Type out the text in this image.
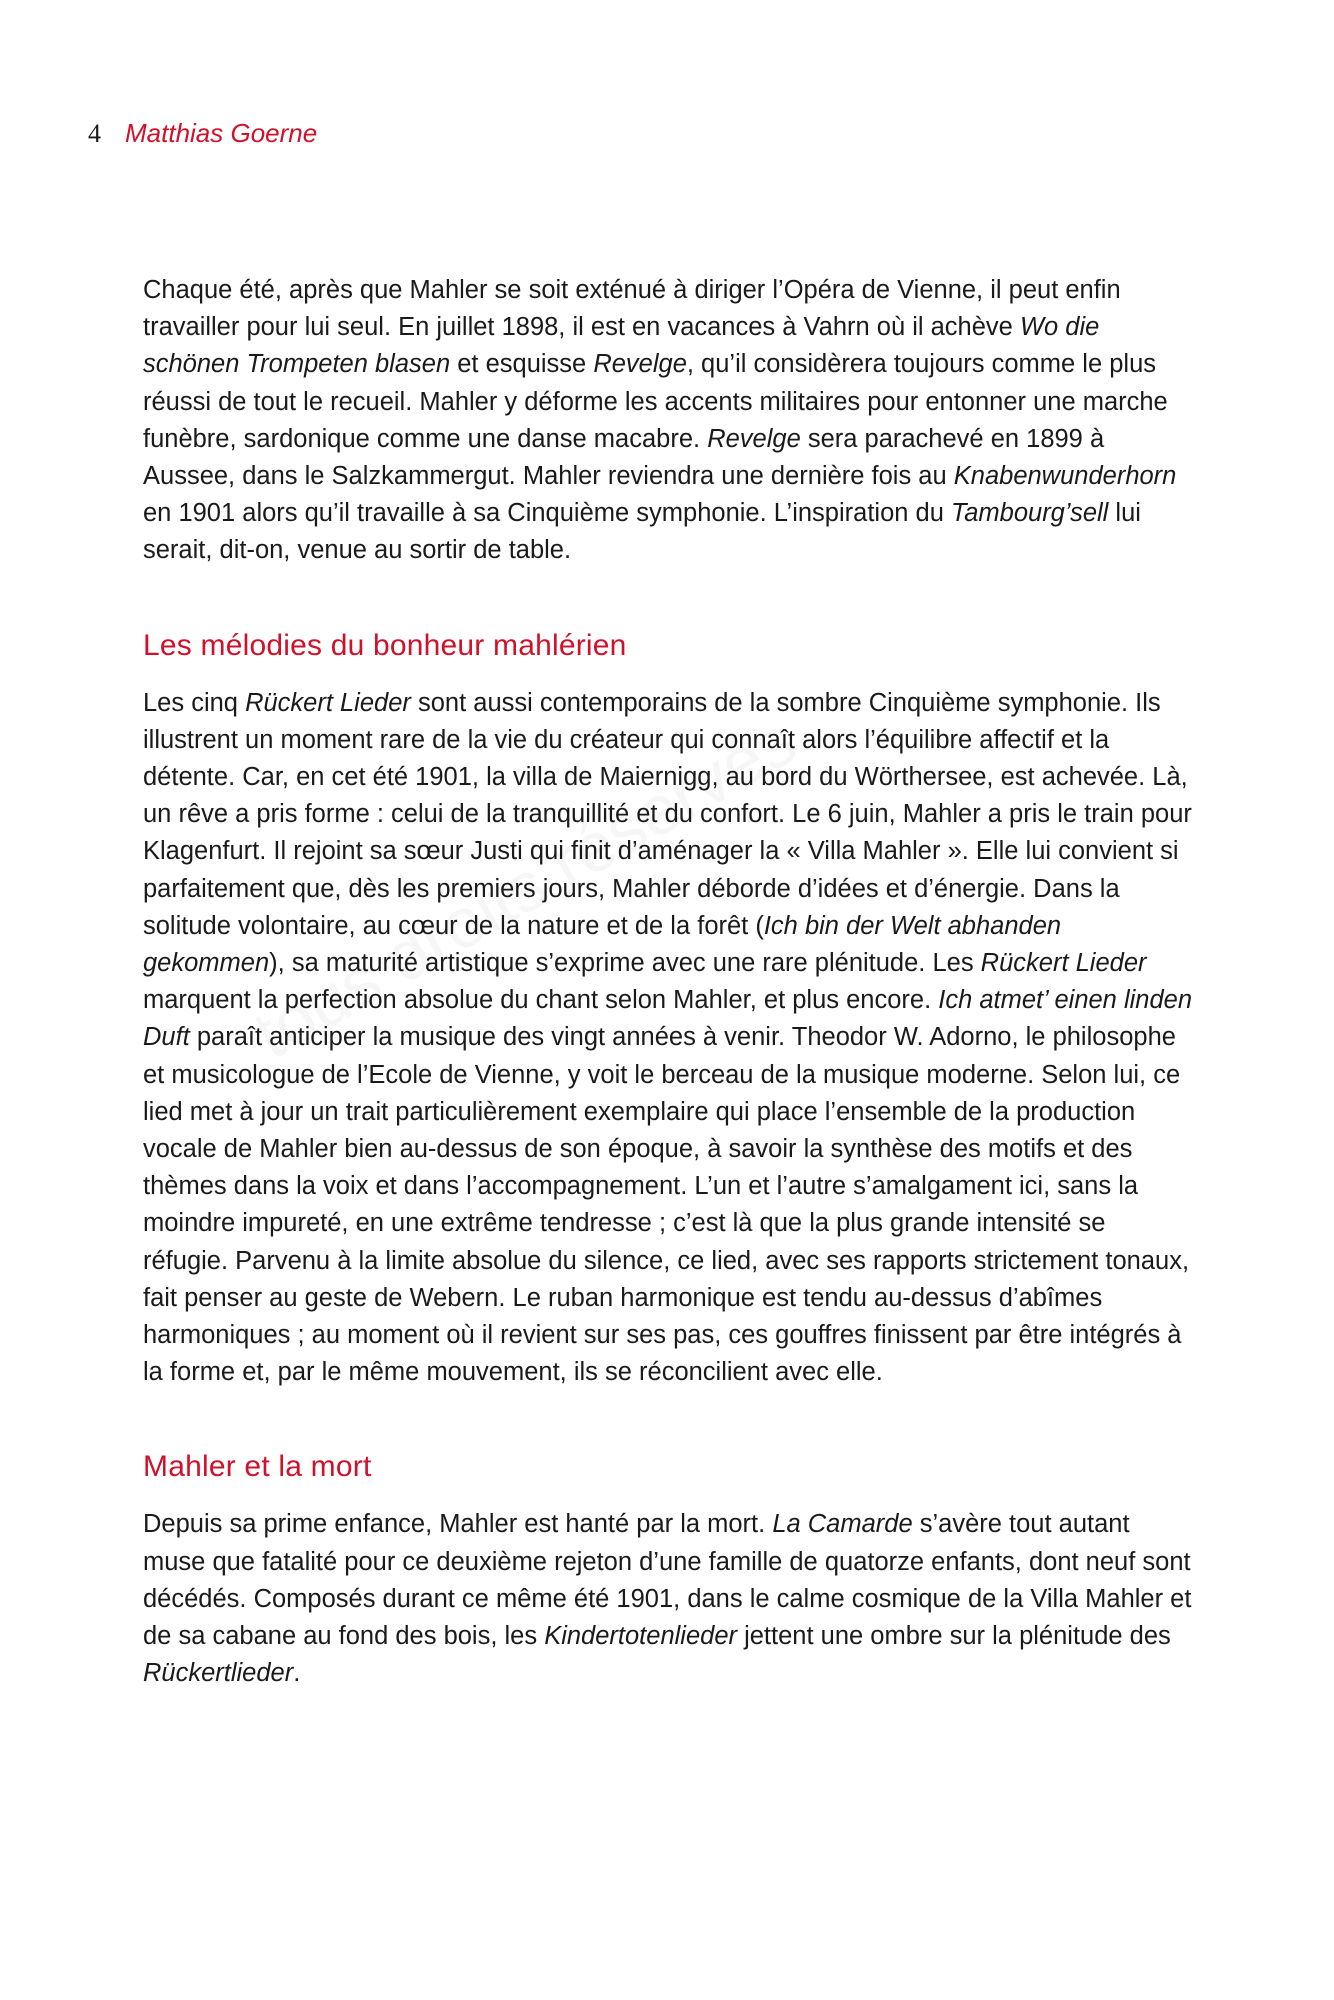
4 Matthias Goerne

Chaque été, après que Mahler se soit exténué à diriger l’Opéra de Vienne, il peut enfin travailler pour lui seul. En juillet 1898, il est en vacances à Vahrn où il achève Wo die schönen Trompeten blasen et esquisse Revelge, qu’il considèrera toujours comme le plus réussi de tout le recueil. Mahler y déforme les accents militaires pour entonner une marche funèbre, sardonique comme une danse macabre. Revelge sera parachevé en 1899 à Aussee, dans le Salzkammergut. Mahler reviendra une dernière fois au Knabenwunderhorn en 1901 alors qu’il travaille à sa Cinquième symphonie. L’inspiration du Tambourg’sell lui serait, dit-on, venue au sortir de table.

Les mélodies du bonheur mahlérien

Les cinq Rückert Lieder sont aussi contemporains de la sombre Cinquième symphonie. Ils illustrent un moment rare de la vie du créateur qui connaît alors l’équilibre affectif et la détente. Car, en cet été 1901, la villa de Maiernigg, au bord du Wörthersee, est achevée. Là, un rêve a pris forme : celui de la tranquillité et du confort. Le 6 juin, Mahler a pris le train pour Klagenfurt. Il rejoint sa sœur Justi qui finit d’aménager la « Villa Mahler ». Elle lui convient si parfaitement que, dès les premiers jours, Mahler déborde d’idées et d’énergie. Dans la solitude volontaire, au cœur de la nature et de la forêt (Ich bin der Welt abhanden gekommen), sa maturité artistique s’exprime avec une rare plénitude. Les Rückert Lieder marquent la perfection absolue du chant selon Mahler, et plus encore. Ich atmet’ einen linden Duft paraît anticiper la musique des vingt années à venir. Theodor W. Adorno, le philosophe et musicologue de l’Ecole de Vienne, y voit le berceau de la musique moderne. Selon lui, ce lied met à jour un trait particulièrement exemplaire qui place l’ensemble de la production vocale de Mahler bien au-dessus de son époque, à savoir la synthèse des motifs et des thèmes dans la voix et dans l’accompagnement. L’un et l’autre s’amalgament ici, sans la moindre impureté, en une extrême tendresse ; c’est là que la plus grande intensité se réfugie. Parvenu à la limite absolue du silence, ce lied, avec ses rapports strictement tonaux, fait penser au geste de Webern. Le ruban harmonique est tendu au-dessus d’abîmes harmoniques ; au moment où il revient sur ses pas, ces gouffres finissent par être intégrés à la forme et, par le même mouvement, ils se réconcilient avec elle.

Mahler et la mort

Depuis sa prime enfance, Mahler est hanté par la mort. La Camarde s’avère tout autant muse que fatalité pour ce deuxième rejeton d’une famille de quatorze enfants, dont neuf sont décédés. Composés durant ce même été 1901, dans le calme cosmique de la Villa Mahler et de sa cabane au fond des bois, les Kindertotenlieder jettent une ombre sur la plénitude des Rückertlieder.
